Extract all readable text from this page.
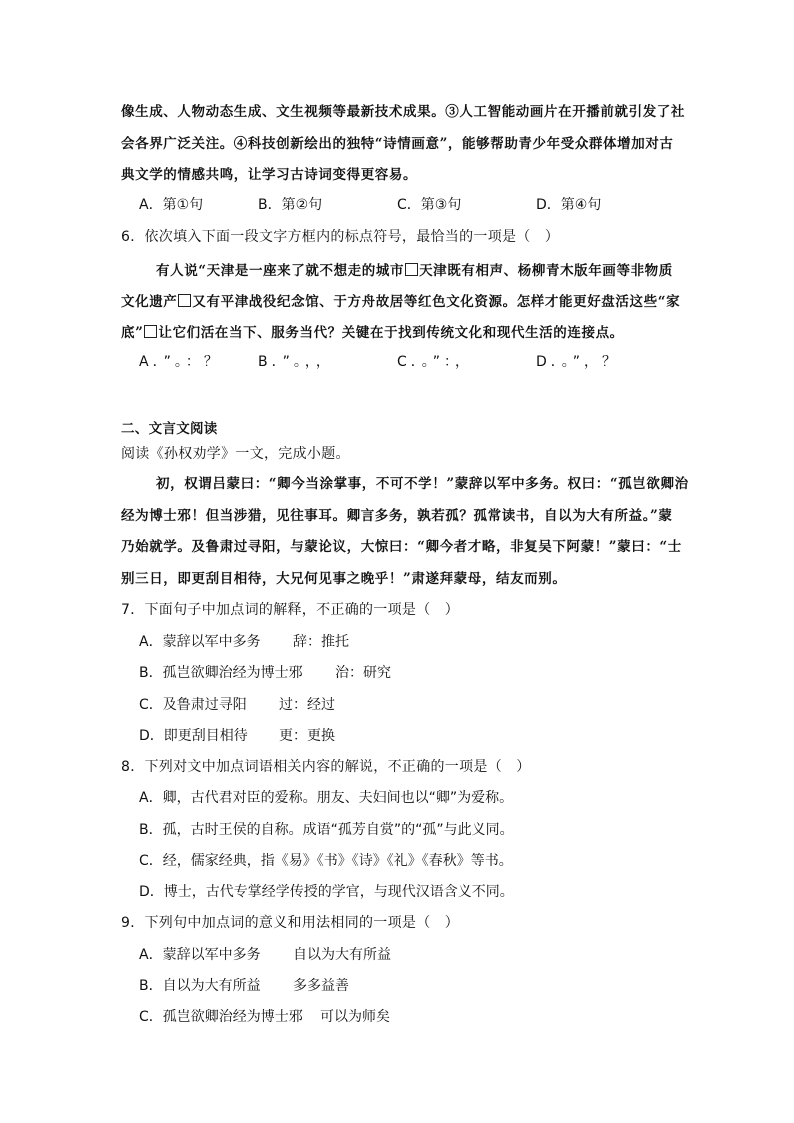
像生成、人物动态生成、文生视频等最新技术成果。③人工智能动画片在开播前就引发了社
会各界广泛关注。④科技创新绘出的独特“诗情画意”，能够帮助青少年受众群体增加对古
典文学的情感共鸣，让学习古诗词变得更容易。
A．第①句	B．第②句	C．第③句	D．第④句
6．依次填入下面一段文字方框内的标点符号，最恰当的一项是（　）
有人说“天津是一座来了就不想走的城市 天津既有相声、杨柳青木版年画等非物质
文化遗产 又有平津战役纪念馆、于方舟故居等红色文化资源。怎样才能更好盘活这些“家
底” 让它们活在当下、服务当代？关键在于找到传统文化和现代生活的连接点。
A．”。：？	B．”。，，	C．。”：，	D．。”，？
二、文言文阅读
阅读《孙权劝学》一文，完成小题。
初，权谓吕蒙曰：“卿今当涂掌事，不可不学！”蒙辞以军中多务。权曰：“孤岂欲卿治
经为博士邪！但当涉猎，见往事耳。卿言多务，孰若孤？孤常读书，自以为大有所益。”蒙
乃始就学。及鲁肃过寻阳，与蒙论议，大惊曰：“卿今者才略，非复吴下阿蒙！”蒙曰：“士
别三日，即更刮目相待，大兄何见事之晚乎！”肃遂拜蒙母，结友而别。
7．下面句子中加点词的解释，不正确的一项是（　）
A．蒙辞以军中多务 辞：推托
B．孤岂欲卿治经为博士邪 治：研究
C．及鲁肃过寻阳 过：经过
D．即更刮目相待 更：更换
8．下列对文中加点词语相关内容的解说，不正确的一项是（　）
A．卿，古代君对臣的爱称。朋友、夫妇间也以“卿”为爱称。
B．孤，古时王侯的自称。成语“孤芳自赏”的“孤”与此义同。
C．经，儒家经典，指《易》《书》《诗》《礼》《春秋》等书。
D．博士，古代专掌经学传授的学官，与现代汉语含义不同。
9．下列句中加点词的意义和用法相同的一项是（　）
A．蒙辞以军中多务 自以为大有所益
B．自以为大有所益 多多益善
C．孤岂欲卿治经为博士邪 可以为师矣
